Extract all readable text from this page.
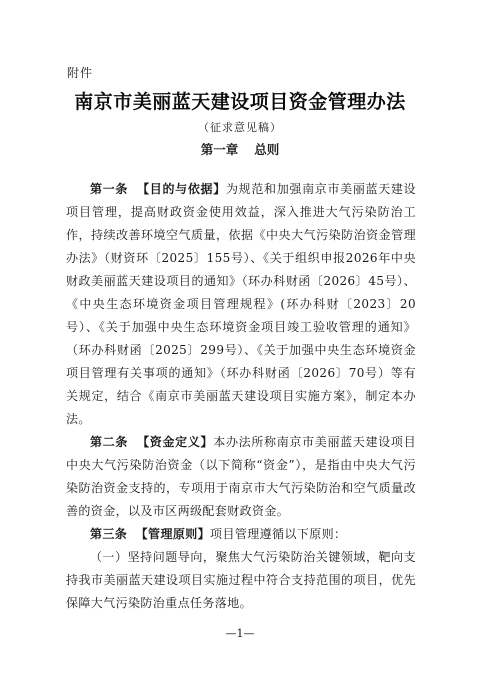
附件
南京市美丽蓝天建设项目资金管理办法
（征求意见稿）
第一章 总则

第一条 【目的与依据】为规范和加强南京市美丽蓝天建设项目管理，提高财政资金使用效益，深入推进大气污染防治工作，持续改善环境空气质量，依据《中央大气污染防治资金管理办法》（财资环〔2025〕155号）、《关于组织申报2026年中央财政美丽蓝天建设项目的通知》（环办科财函〔2026〕45号）、《中央生态环境资金项目管理规程》(环办科财〔2023〕20号）、《关于加强中央生态环境资金项目竣工验收管理的通知》（环办科财函〔2025〕299号）、《关于加强中央生态环境资金项目管理有关事项的通知》（环办科财函〔2026〕70号）等有关规定，结合《南京市美丽蓝天建设项目实施方案》，制定本办法。

第二条 【资金定义】本办法所称南京市美丽蓝天建设项目中央大气污染防治资金（以下简称“资金”），是指由中央大气污染防治资金支持的，专项用于南京市大气污染防治和空气质量改善的资金，以及市区两级配套财政资金。

第三条 【管理原则】项目管理遵循以下原则：

（一）坚持问题导向，聚焦大气污染防治关键领域，靶向支持我市美丽蓝天建设项目实施过程中符合支持范围的项目，优先保障大气污染防治重点任务落地。

—1—
